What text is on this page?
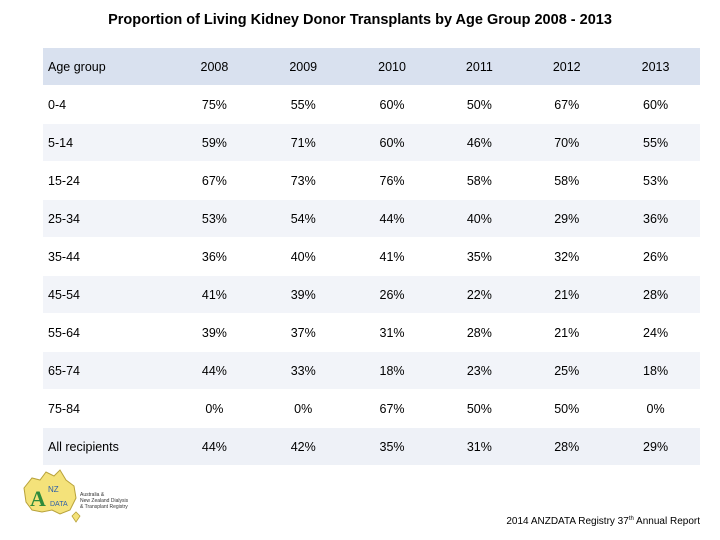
Proportion of Living Kidney Donor Transplants by Age Group 2008 - 2013
Age group	2008	2009	2010	2011	2012	2013
0-4	75%	55%	60%	50%	67%	60%
5-14	59%	71%	60%	46%	70%	55%
15-24	67%	73%	76%	58%	58%	53%
25-34	53%	54%	44%	40%	29%	36%
35-44	36%	40%	41%	35%	32%	26%
45-54	41%	39%	26%	22%	21%	28%
55-64	39%	37%	31%	28%	21%	24%
65-74	44%	33%	18%	23%	25%	18%
75-84	0%	0%	67%	50%	50%	0%
All recipients	44%	42%	35%	31%	28%	29%
A NZ
DATA
Australia &
New Zealand Dialysis
& Transplant Registry
2014 ANZDATA Registry 37th Annual Report
